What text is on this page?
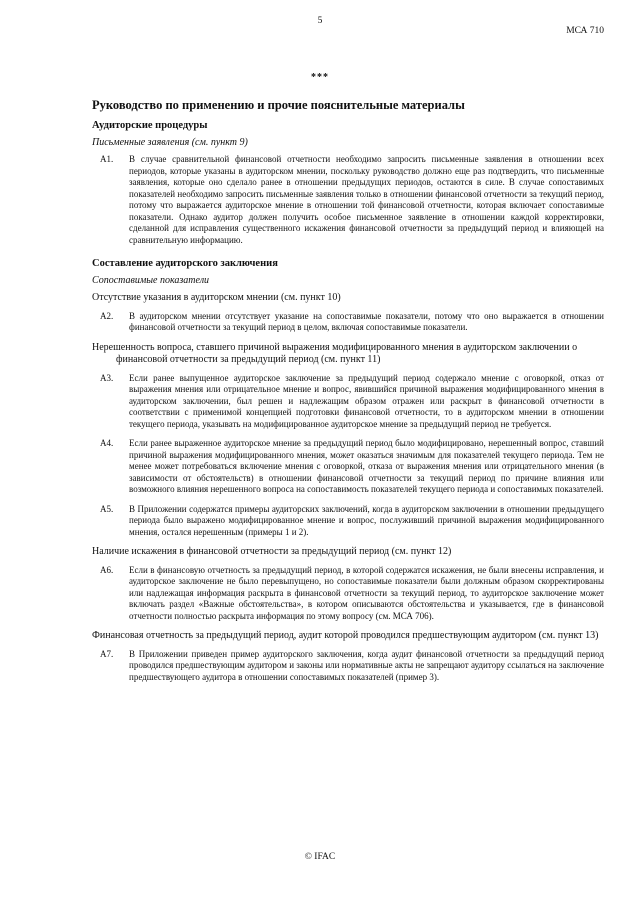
5
МСА 710
***
Руководство по применению и прочие пояснительные материалы
Аудиторские процедуры
Письменные заявления (см. пункт 9)
A1.	В случае сравнительной финансовой отчетности необходимо запросить письменные заявления в отношении всех периодов, которые указаны в аудиторском мнении, поскольку руководство должно еще раз подтвердить, что письменные заявления, которые оно сделало ранее в отношении предыдущих периодов, остаются в силе. В случае сопоставимых показателей необходимо запросить письменные заявления только в отношении финансовой отчетности за текущий период, потому что выражается аудиторское мнение в отношении той финансовой отчетности, которая включает сопоставимые показатели. Однако аудитор должен получить особое письменное заявление в отношении каждой корректировки, сделанной для исправления существенного искажения финансовой отчетности за предыдущий период и влияющей на сравнительную информацию.
Составление аудиторского заключения
Сопоставимые показатели
Отсутствие указания в аудиторском мнении (см. пункт 10)
A2.	В аудиторском мнении отсутствует указание на сопоставимые показатели, потому что оно выражается в отношении финансовой отчетности за текущий период в целом, включая сопоставимые показатели.
Нерешенность вопроса, ставшего причиной выражения модифицированного мнения в аудиторском заключении о финансовой отчетности за предыдущий период (см. пункт 11)
A3.	Если ранее выпущенное аудиторское заключение за предыдущий период содержало мнение с оговоркой, отказ от выражения мнения или отрицательное мнение и вопрос, явившийся причиной выражения модифицированного мнения в аудиторском заключении, был решен и надлежащим образом отражен или раскрыт в финансовой отчетности в соответствии с применимой концепцией подготовки финансовой отчетности, то в аудиторском мнении в отношении текущего периода, указывать на модифицированное аудиторское мнение за предыдущий период не требуется.
A4.	Если ранее выраженное аудиторское мнение за предыдущий период было модифицировано, нерешенный вопрос, ставший причиной выражения модифицированного мнения, может оказаться значимым для показателей текущего периода. Тем не менее может потребоваться включение мнения с оговоркой, отказа от выражения мнения или отрицательного мнения (в зависимости от обстоятельств) в отношении финансовой отчетности за текущий период по причине влияния или возможного влияния нерешенного вопроса на сопоставимость показателей текущего периода и сопоставимых показателей.
A5.	В Приложении содержатся примеры аудиторских заключений, когда в аудиторском заключении в отношении предыдущего периода было выражено модифицированное мнение и вопрос, послуживший причиной выражения модифицированного мнения, остался нерешенным (примеры 1 и 2).
Наличие искажения в финансовой отчетности за предыдущий период (см. пункт 12)
A6.	Если в финансовую отчетность за предыдущий период, в которой содержатся искажения, не были внесены исправления, и аудиторское заключение не было перевыпущено, но сопоставимые показатели были должным образом скорректированы или надлежащая информация раскрыта в финансовой отчетности за текущий период, то аудиторское заключение может включать раздел «Важные обстоятельства», в котором описываются обстоятельства и указывается, где в финансовой отчетности полностью раскрыта информация по этому вопросу (см. МСА 706).
Финансовая отчетность за предыдущий период, аудит которой проводился предшествующим аудитором (см. пункт 13)
A7.	В Приложении приведен пример аудиторского заключения, когда аудит финансовой отчетности за предыдущий период проводился предшествующим аудитором и законы или нормативные акты не запрещают аудитору ссылаться на заключение предшествующего аудитора в отношении сопоставимых показателей (пример 3).
© IFAC
